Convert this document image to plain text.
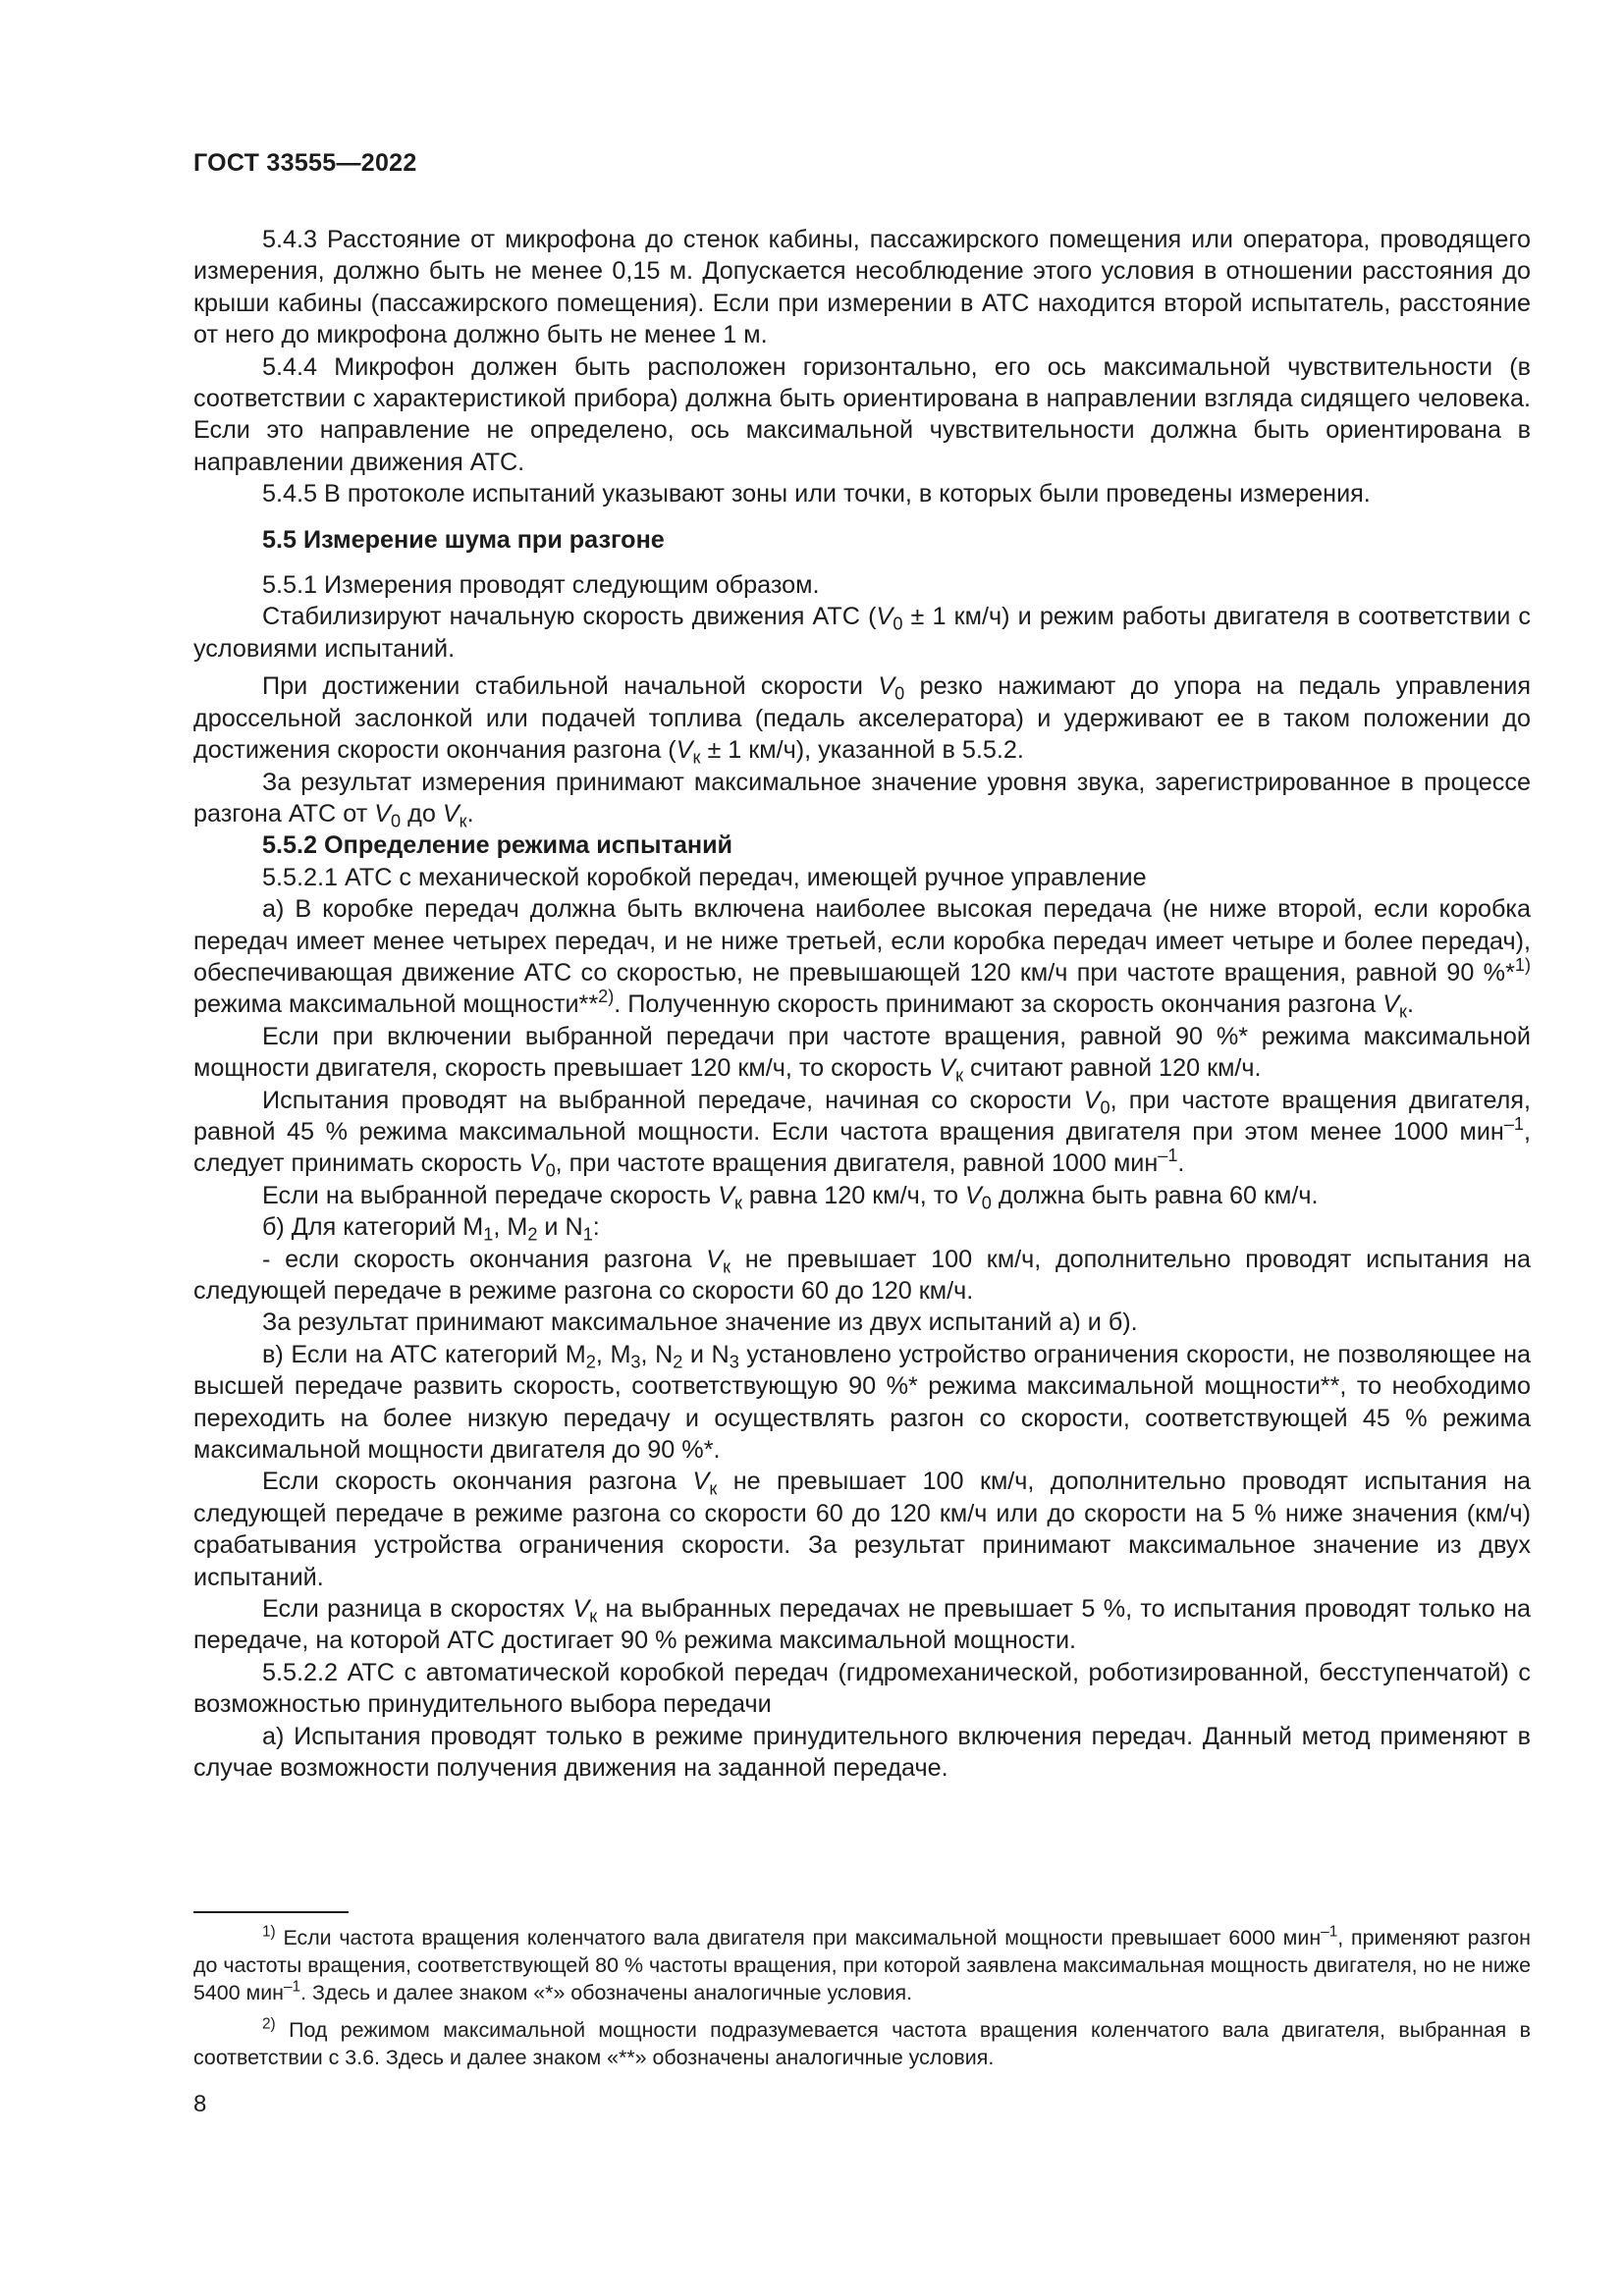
ГОСТ 33555—2022

5.4.3 Расстояние от микрофона до стенок кабины, пассажирского помещения или оператора, проводящего измерения, должно быть не менее 0,15 м. Допускается несоблюдение этого условия в отношении расстояния до крыши кабины (пассажирского помещения). Если при измерении в АТС находится второй испытатель, расстояние от него до микрофона должно быть не менее 1 м.

5.4.4 Микрофон должен быть расположен горизонтально, его ось максимальной чувствительности (в соответствии с характеристикой прибора) должна быть ориентирована в направлении взгляда сидящего человека. Если это направление не определено, ось максимальной чувствительности должна быть ориентирована в направлении движения АТС.

5.4.5 В протоколе испытаний указывают зоны или точки, в которых были проведены измерения.

5.5 Измерение шума при разгоне

5.5.1 Измерения проводят следующим образом.

Стабилизируют начальную скорость движения АТС ($V_0 \pm 1$ км/ч) и режим работы двигателя в соответствии с условиями испытаний.

При достижении стабильной начальной скорости $V_0$ резко нажимают до упора на педаль управления дроссельной заслонкой или подачей топлива (педаль акселератора) и удерживают ее в таком положении до достижения скорости окончания разгона ($V_к \pm 1$ км/ч), указанной в 5.5.2.

За результат измерения принимают максимальное значение уровня звука, зарегистрированное в процессе разгона АТС от $V_0$ до $V_к$.

5.5.2 Определение режима испытаний

5.5.2.1 АТС с механической коробкой передач, имеющей ручное управление

а) В коробке передач должна быть включена наиболее высокая передача (не ниже второй, если коробка передач имеет менее четырех передач, и не ниже третьей, если коробка передач имеет четыре и более передач), обеспечивающая движение АТС со скоростью, не превышающей 120 км/ч при частоте вращения, равной 90 %*$^{1)}$ режима максимальной мощности**$^{2)}$. Полученную скорость принимают за скорость окончания разгона $V_к$.

Если при включении выбранной передачи при частоте вращения, равной 90 %* режима максимальной мощности двигателя, скорость превышает 120 км/ч, то скорость $V_к$ считают равной 120 км/ч.

Испытания проводят на выбранной передаче, начиная со скорости $V_0$, при частоте вращения двигателя, равной 45 % режима максимальной мощности. Если частота вращения двигателя при этом менее 1000 мин$^{-1}$, следует принимать скорость $V_0$, при частоте вращения двигателя, равной 1000 мин$^{-1}$.

Если на выбранной передаче скорость $V_к$ равна 120 км/ч, то $V_0$ должна быть равна 60 км/ч.

б) Для категорий $M_1$, $M_2$ и $N_1$:

- если скорость окончания разгона $V_к$ не превышает 100 км/ч, дополнительно проводят испытания на следующей передаче в режиме разгона со скорости 60 до 120 км/ч.

За результат принимают максимальное значение из двух испытаний а) и б).

в) Если на АТС категорий $M_2$, $M_3$, $N_2$ и $N_3$ установлено устройство ограничения скорости, не позволяющее на высшей передаче развить скорость, соответствующую 90 %* режима максимальной мощности**, то необходимо переходить на более низкую передачу и осуществлять разгон со скорости, соответствующей 45 % режима максимальной мощности двигателя до 90 %*.

Если скорость окончания разгона $V_к$ не превышает 100 км/ч, дополнительно проводят испытания на следующей передаче в режиме разгона со скорости 60 до 120 км/ч или до скорости на 5 % ниже значения (км/ч) срабатывания устройства ограничения скорости. За результат принимают максимальное значение из двух испытаний.

Если разница в скоростях $V_к$ на выбранных передачах не превышает 5 %, то испытания проводят только на передаче, на которой АТС достигает 90 % режима максимальной мощности.

5.5.2.2 АТС с автоматической коробкой передач (гидромеханической, роботизированной, бесступенчатой) с возможностью принудительного выбора передачи

а) Испытания проводят только в режиме принудительного включения передач. Данный метод применяют в случае возможности получения движения на заданной передаче.

$^{1)}$ Если частота вращения коленчатого вала двигателя при максимальной мощности превышает 6000 мин$^{-1}$, применяют разгон до частоты вращения, соответствующей 80 % частоты вращения, при которой заявлена максимальная мощность двигателя, но не ниже 5400 мин$^{-1}$. Здесь и далее знаком «*» обозначены аналогичные условия.

$^{2)}$ Под режимом максимальной мощности подразумевается частота вращения коленчатого вала двигателя, выбранная в соответствии с 3.6. Здесь и далее знаком «**» обозначены аналогичные условия.

8
